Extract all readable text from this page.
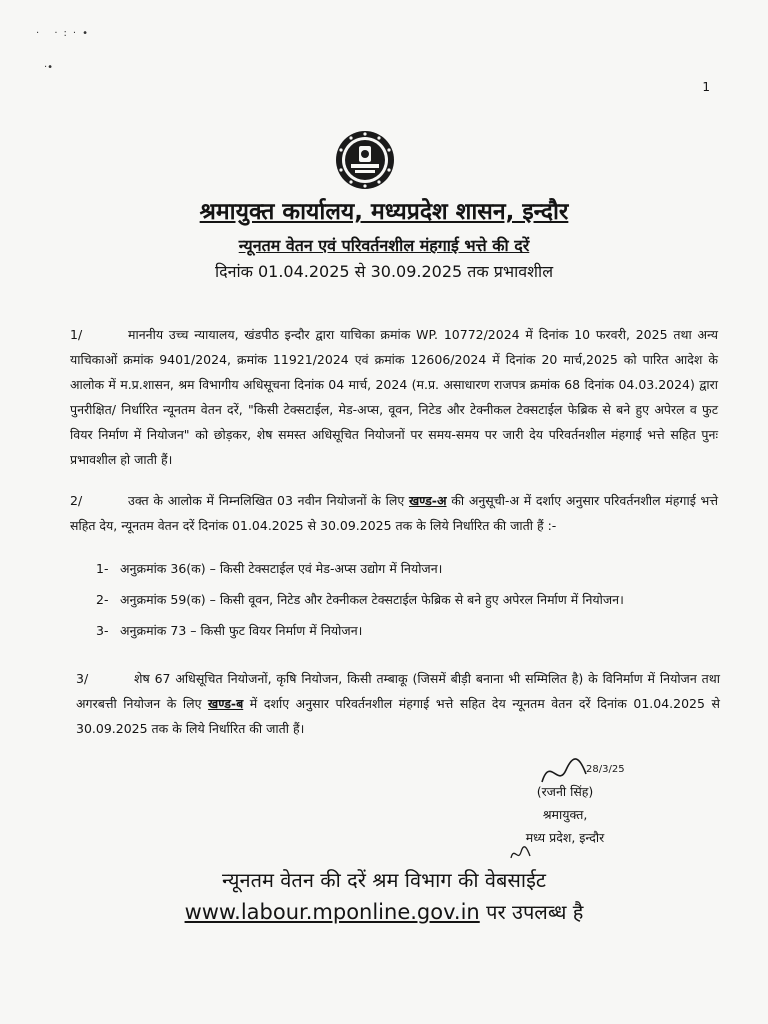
· ·:·•
·•
1
श्रमायुक्त कार्यालय, मध्यप्रदेश शासन, इन्दौर
न्यूनतम वेतन एवं परिवर्तनशील मंहगाई भत्ते की दरें
दिनांक 01.04.2025 से 30.09.2025 तक प्रभावशील
1/	माननीय उच्च न्यायालय, खंडपीठ इन्दौर द्वारा याचिका क्रमांक WP. 10772/2024 में दिनांक 10 फरवरी, 2025 तथा अन्य याचिकाओं क्रमांक 9401/2024, क्रमांक 11921/2024 एवं क्रमांक 12606/2024 में दिनांक 20 मार्च,2025 को पारित आदेश के आलोक में म.प्र.शासन, श्रम विभागीय अधिसूचना दिनांक 04 मार्च, 2024 (म.प्र. असाधारण राजपत्र क्रमांक 68 दिनांक 04.03.2024) द्वारा पुनरीक्षित/ निर्धारित न्यूनतम वेतन दरें, "किसी टेक्सटाईल, मेड-अप्स, वूवन, निटेड और टेक्नीकल टेक्सटाईल फेब्रिक से बने हुए अपेरल व फुट वियर निर्माण में नियोजन" को छोड़कर, शेष समस्त अधिसूचित नियोजनों पर समय-समय पर जारी देय परिवर्तनशील मंहगाई भत्ते सहित पुनः प्रभावशील हो जाती हैं।
2/	उक्त के आलोक में निम्नलिखित 03 नवीन नियोजनों के लिए खण्ड-अ की अनुसूची-अ में दर्शाए अनुसार परिवर्तनशील मंहगाई भत्ते सहित देय, न्यूनतम वेतन दरें दिनांक 01.04.2025 से 30.09.2025 तक के लिये निर्धारित की जाती हैं :-
1- अनुक्रमांक 36(क) – किसी टेक्सटाईल एवं मेड-अप्स उद्योग में नियोजन।
2- अनुक्रमांक 59(क) – किसी वूवन, निटेड और टेक्नीकल टेक्सटाईल फेब्रिक से बने हुए अपेरल निर्माण में नियोजन।
3- अनुक्रमांक 73 – किसी फुट वियर निर्माण में नियोजन।
3/	शेष 67 अधिसूचित नियोजनों, कृषि नियोजन, किसी तम्बाकू (जिसमें बीड़ी बनाना भी सम्मिलित है) के विनिर्माण में नियोजन तथा अगरबत्ती नियोजन के लिए खण्ड-ब में दर्शाए अनुसार परिवर्तनशील मंहगाई भत्ते सहित देय न्यूनतम वेतन दरें दिनांक 01.04.2025 से 30.09.2025 तक के लिये निर्धारित की जाती हैं।
28/3/25
(रजनी सिंह)
श्रमायुक्त,
मध्य प्रदेश, इन्दौर
न्यूनतम वेतन की दरें श्रम विभाग की वेबसाईट
www.labour.mponline.gov.in पर उपलब्ध है
